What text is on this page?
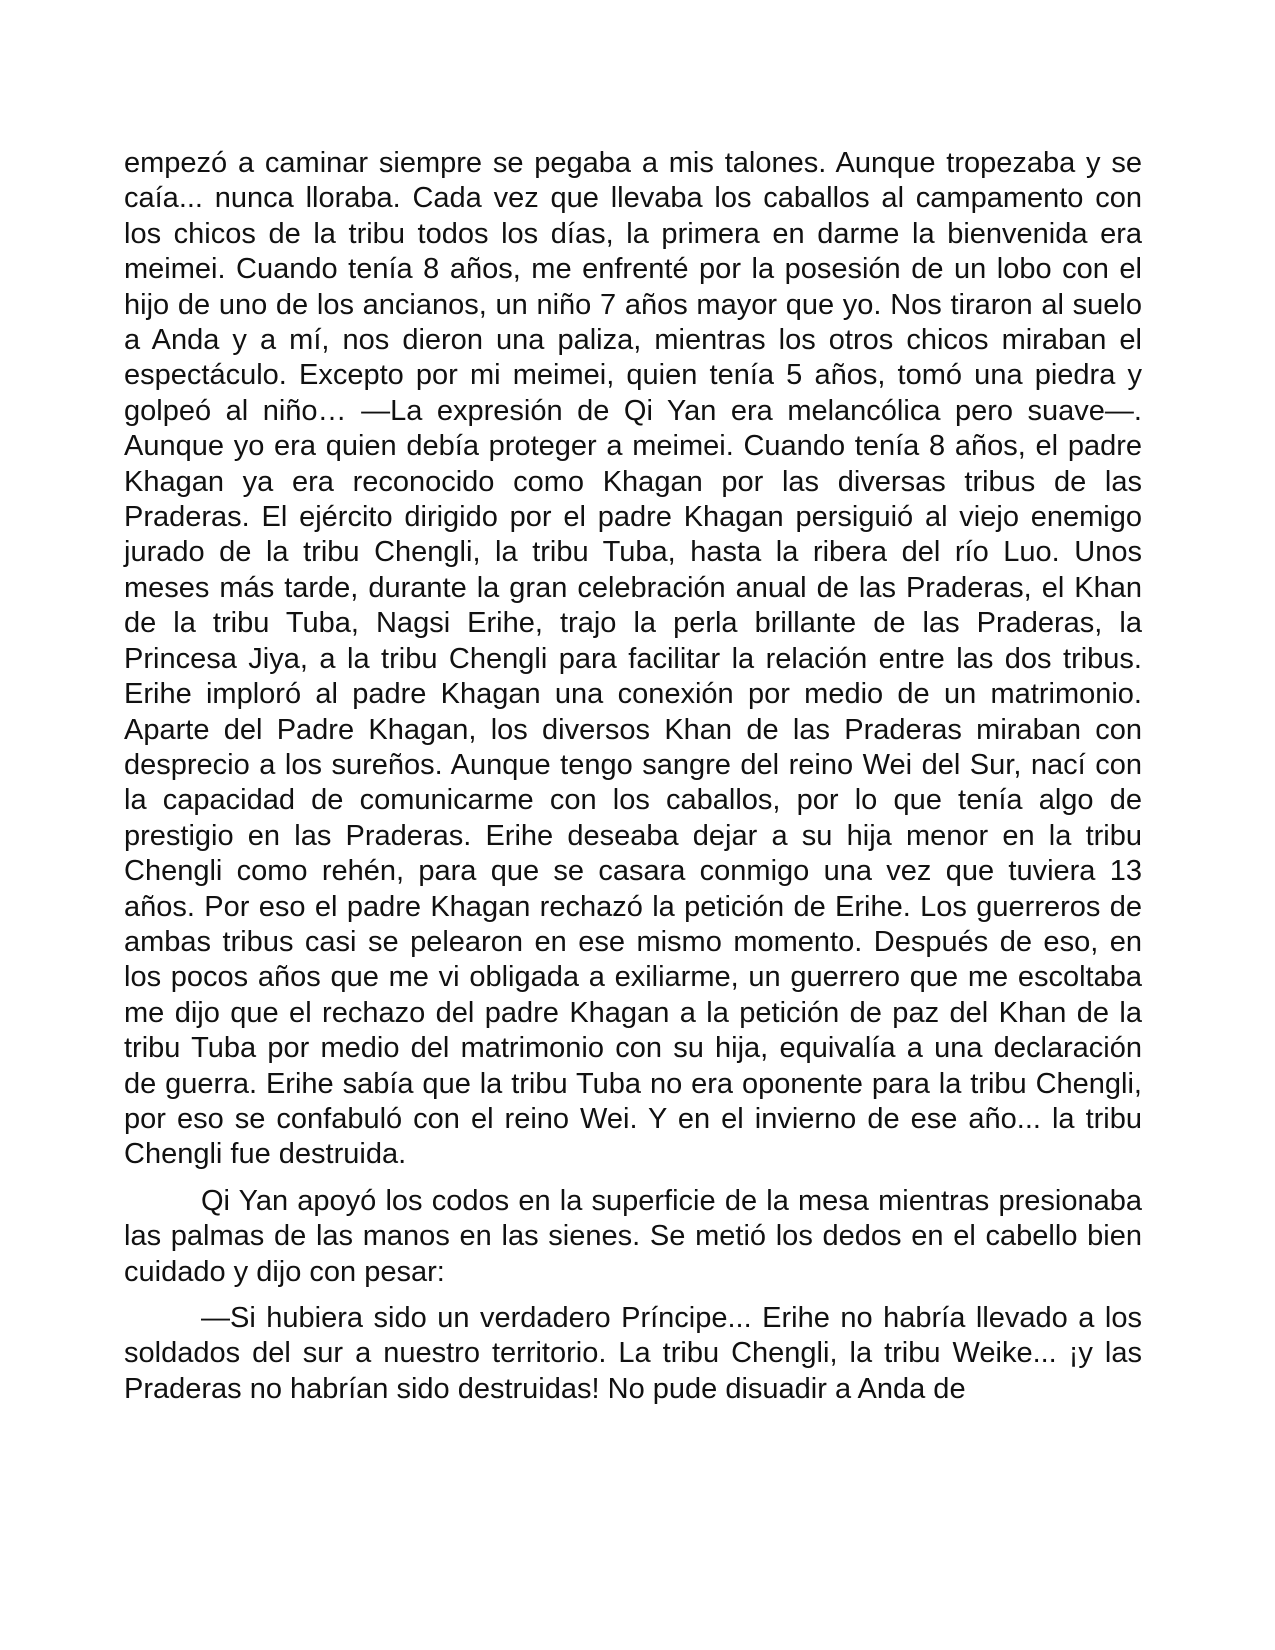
empezó a caminar siempre se pegaba a mis talones. Aunque tropezaba y se caía... nunca lloraba. Cada vez que llevaba los caballos al campamento con los chicos de la tribu todos los días, la primera en darme la bienvenida era meimei. Cuando tenía 8 años, me enfrenté por la posesión de un lobo con el hijo de uno de los ancianos, un niño 7 años mayor que yo. Nos tiraron al suelo a Anda y a mí, nos dieron una paliza, mientras los otros chicos miraban el espectáculo. Excepto por mi meimei, quien tenía 5 años, tomó una piedra y golpeó al niño… —La expresión de Qi Yan era melancólica pero suave—. Aunque yo era quien debía proteger a meimei. Cuando tenía 8 años, el padre Khagan ya era reconocido como Khagan por las diversas tribus de las Praderas. El ejército dirigido por el padre Khagan persiguió al viejo enemigo jurado de la tribu Chengli, la tribu Tuba, hasta la ribera del río Luo. Unos meses más tarde, durante la gran celebración anual de las Praderas, el Khan de la tribu Tuba, Nagsi Erihe, trajo la perla brillante de las Praderas, la Princesa Jiya, a la tribu Chengli para facilitar la relación entre las dos tribus. Erihe imploró al padre Khagan una conexión por medio de un matrimonio. Aparte del Padre Khagan, los diversos Khan de las Praderas miraban con desprecio a los sureños. Aunque tengo sangre del reino Wei del Sur, nací con la capacidad de comunicarme con los caballos, por lo que tenía algo de prestigio en las Praderas. Erihe deseaba dejar a su hija menor en la tribu Chengli como rehén, para que se casara conmigo una vez que tuviera 13 años. Por eso el padre Khagan rechazó la petición de Erihe. Los guerreros de ambas tribus casi se pelearon en ese mismo momento. Después de eso, en los pocos años que me vi obligada a exiliarme, un guerrero que me escoltaba me dijo que el rechazo del padre Khagan a la petición de paz del Khan de la tribu Tuba por medio del matrimonio con su hija, equivalía a una declaración de guerra. Erihe sabía que la tribu Tuba no era oponente para la tribu Chengli, por eso se confabuló con el reino Wei. Y en el invierno de ese año... la tribu Chengli fue destruida.

Qi Yan apoyó los codos en la superficie de la mesa mientras presionaba las palmas de las manos en las sienes. Se metió los dedos en el cabello bien cuidado y dijo con pesar:

—Si hubiera sido un verdadero Príncipe... Erihe no habría llevado a los soldados del sur a nuestro territorio. La tribu Chengli, la tribu Weike... ¡y las Praderas no habrían sido destruidas! No pude disuadir a Anda de
